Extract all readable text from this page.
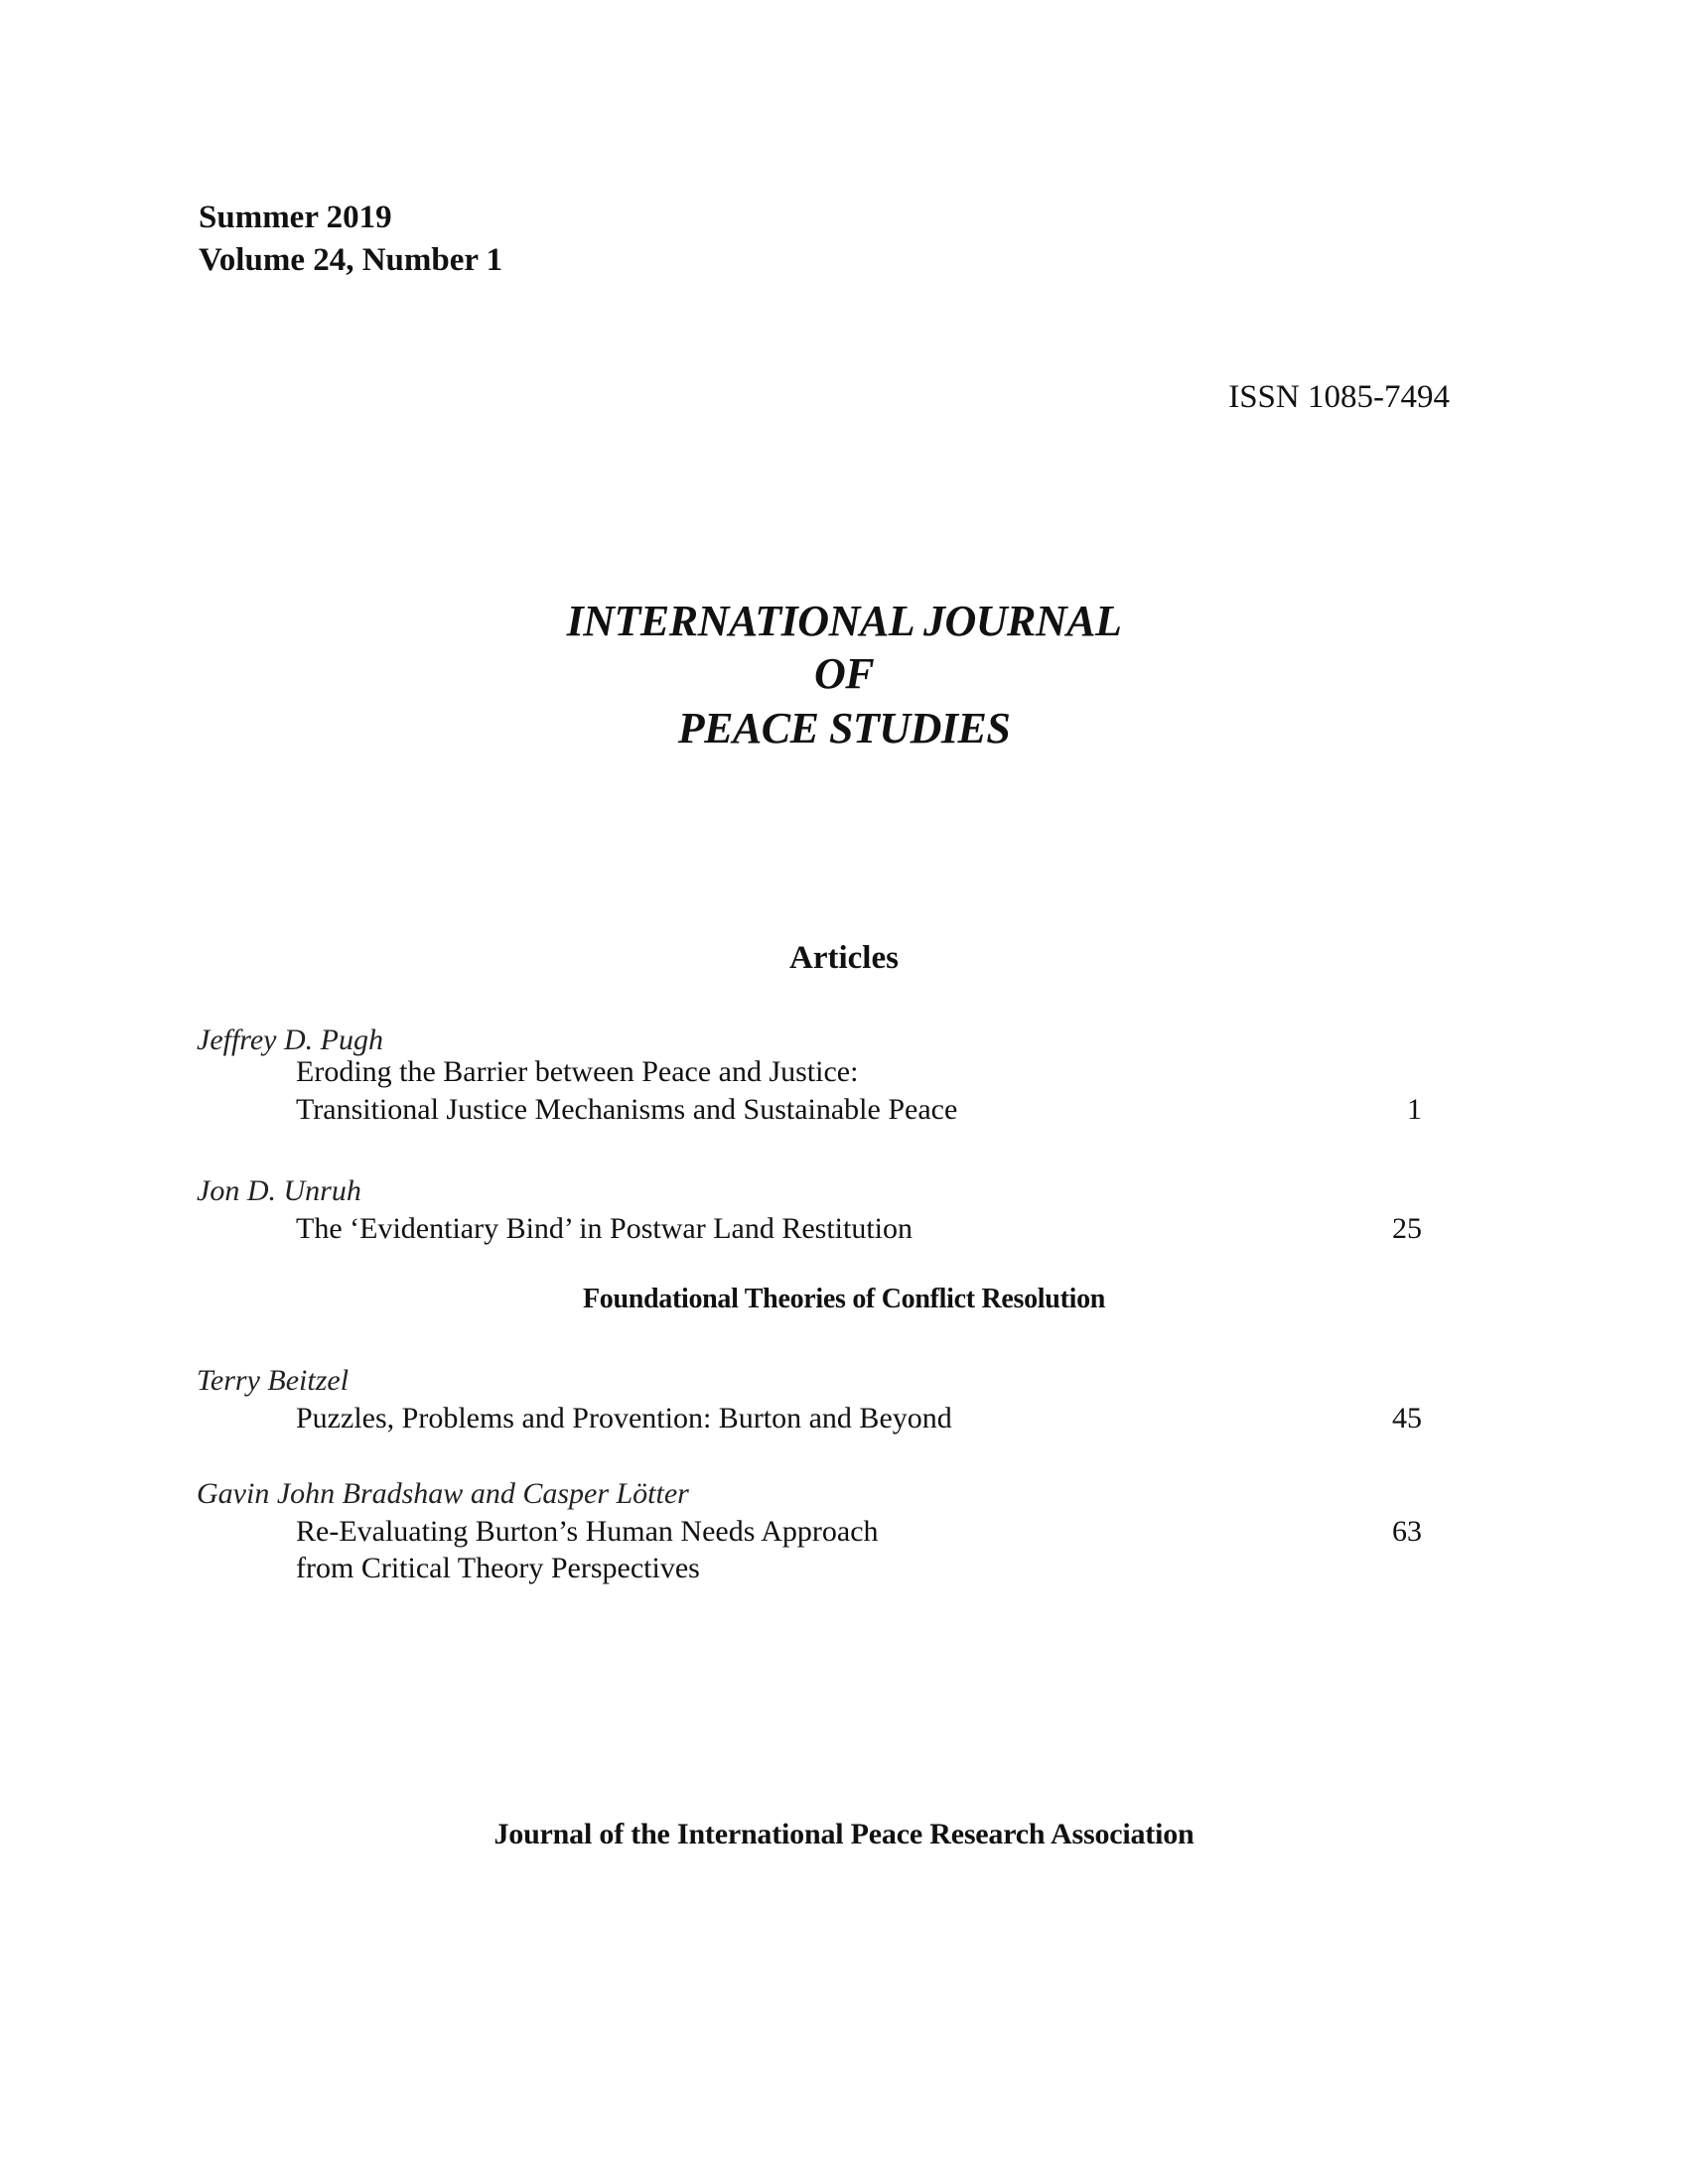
Summer 2019
Volume 24, Number 1
ISSN 1085-7494
INTERNATIONAL JOURNAL
OF
PEACE STUDIES
Articles
Jeffrey D. Pugh
Eroding the Barrier between Peace and Justice:
Transitional Justice Mechanisms and Sustainable Peace	1
Jon D. Unruh
The ‘Evidentiary Bind’ in Postwar Land Restitution	25
Foundational Theories of Conflict Resolution
Terry Beitzel
Puzzles, Problems and Provention: Burton and Beyond	45
Gavin John Bradshaw and Casper Lötter
Re-Evaluating Burton’s Human Needs Approach
from Critical Theory Perspectives
63
Journal of the International Peace Research Association
